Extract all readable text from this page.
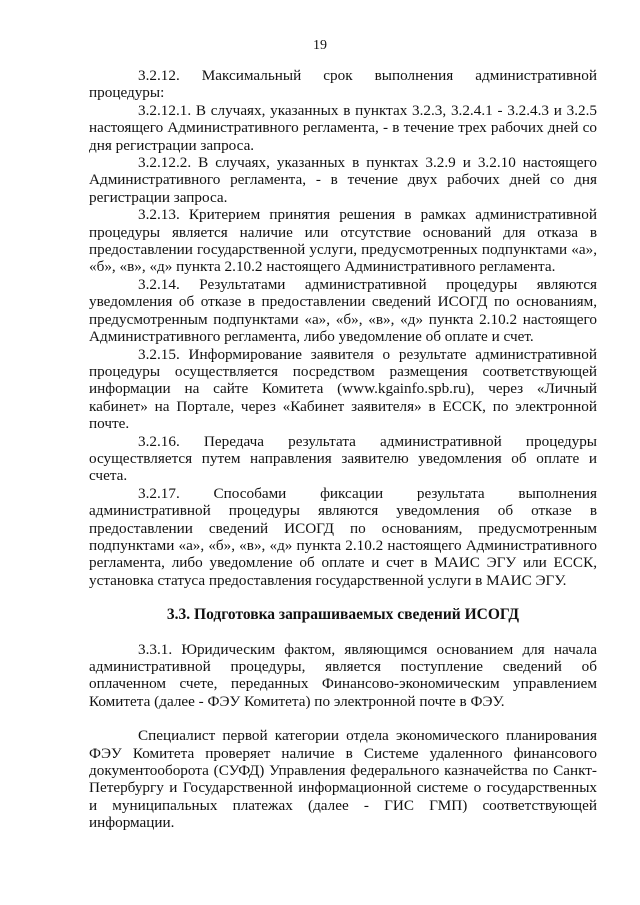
19

3.2.12. Максимальный срок выполнения административной процедуры:

3.2.12.1. В случаях, указанных в пунктах 3.2.3, 3.2.4.1 - 3.2.4.3 и 3.2.5 настоящего Административного регламента, - в течение трех рабочих дней со дня регистрации запроса.

3.2.12.2. В случаях, указанных в пунктах 3.2.9 и 3.2.10 настоящего Административного регламента, - в течение двух рабочих дней со дня регистрации запроса.

3.2.13. Критерием принятия решения в рамках административной процедуры является наличие или отсутствие оснований для отказа в предоставлении государственной услуги, предусмотренных подпунктами «а», «б», «в», «д» пункта 2.10.2 настоящего Административного регламента.

3.2.14. Результатами административной процедуры являются уведомления об отказе в предоставлении сведений ИСОГД по основаниям, предусмотренным подпунктами «а», «б», «в», «д» пункта 2.10.2 настоящего Административного регламента, либо уведомление об оплате и счет.

3.2.15. Информирование заявителя о результате административной процедуры осуществляется посредством размещения соответствующей информации на сайте Комитета (www.kgainfo.spb.ru), через «Личный кабинет» на Портале, через «Кабинет заявителя» в ЕССК, по электронной почте.

3.2.16. Передача результата административной процедуры осуществляется путем направления заявителю уведомления об оплате и счета.

3.2.17. Способами фиксации результата выполнения административной процедуры являются уведомления об отказе в предоставлении сведений ИСОГД по основаниям, предусмотренным подпунктами «а», «б», «в», «д» пункта 2.10.2 настоящего Административного регламента, либо уведомление об оплате и счет в МАИС ЭГУ или ЕССК, установка статуса предоставления государственной услуги в МАИС ЭГУ.

3.3. Подготовка запрашиваемых сведений ИСОГД

3.3.1. Юридическим фактом, являющимся основанием для начала административной процедуры, является поступление сведений об оплаченном счете, переданных Финансово-экономическим управлением Комитета (далее - ФЭУ Комитета) по электронной почте в ФЭУ.

Специалист первой категории отдела экономического планирования ФЭУ Комитета проверяет наличие в Системе удаленного финансового документооборота (СУФД) Управления федерального казначейства по Санкт-Петербургу и Государственной информационной системе о государственных и муниципальных платежах (далее - ГИС ГМП) соответствующей информации.
